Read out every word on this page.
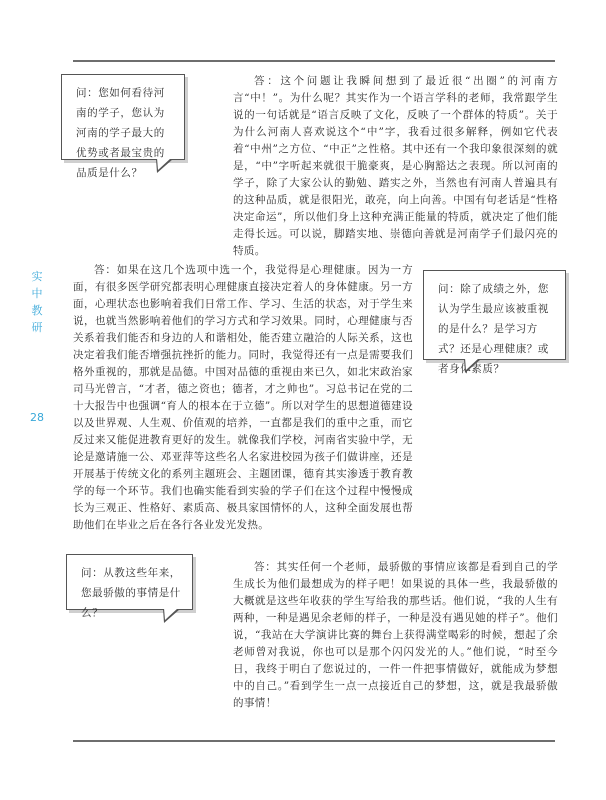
问：您如何看待河南的学子，您认为河南的学子最大的优势或者最宝贵的品质是什么？

答：这个问题让我瞬间想到了最近很“出圈”的河南方言“中！”。为什么呢？其实作为一个语言学科的老师，我常跟学生说的一句话就是“语言反映了文化，反映了一个群体的特质”。关于为什么河南人喜欢说这个“中”字，我看过很多解释，例如它代表着“中州”之方位、“中正”之性格。其中还有一个我印象很深刻的就是，“中”字听起来就很干脆豪爽，是心胸豁达之表现。所以河南的学子，除了大家公认的勤勉、踏实之外，当然也有河南人普遍具有的这种品质，就是很阳光，敢亮，向上向善。中国有句老话是“性格决定命运”，所以他们身上这种充满正能量的特质，就决定了他们能走得长远。可以说，脚踏实地、崇德向善就是河南学子们最闪亮的特质。

实
中
教
研
28

答：如果在这几个选项中选一个，我觉得是心理健康。因为一方面，有很多医学研究都表明心理健康直接决定着人的身体健康。另一方面，心理状态也影响着我们日常工作、学习、生活的状态，对于学生来说，也就当然影响着他们的学习方式和学习效果。同时，心理健康与否关系着我们能否和身边的人和谐相处，能否建立融洽的人际关系，这也决定着我们能否增强抗挫折的能力。同时，我觉得还有一点是需要我们格外重视的，那就是品德。中国对品德的重视由来已久，如北宋政治家司马光曾言，“才者，德之资也；德者，才之帅也”。习总书记在党的二十大报告中也强调“育人的根本在于立德”。所以对学生的思想道德建设以及世界观、人生观、价值观的培养，一直都是我们的重中之重，而它反过来又能促进教育更好的发生。就像我们学校，河南省实验中学，无论是邀请施一公、邓亚萍等这些名人名家进校园为孩子们做讲座，还是开展基于传统文化的系列主题班会、主题团课，德育其实渗透于教育教学的每一个环节。我们也确实能看到实验的学子们在这个过程中慢慢成长为三观正、性格好、素质高、极具家国情怀的人，这种全面发展也帮助他们在毕业之后在各行各业发光发热。

问：除了成绩之外，您认为学生最应该被重视的是什么？是学习方式？还是心理健康？或者身体素质？
问：从教这些年来，您最骄傲的事情是什么？

答：其实任何一个老师，最骄傲的事情应该都是看到自己的学生成长为他们最想成为的样子吧！如果说的具体一些，我最骄傲的大概就是这些年收获的学生写给我的那些话。他们说，“我的人生有两种，一种是遇见余老师的样子，一种是没有遇见她的样子”。他们说，“我站在大学演讲比赛的舞台上获得满堂喝彩的时候，想起了余老师曾对我说，你也可以是那个闪闪发光的人。”他们说，“时至今日，我终于明白了您说过的，一件一件把事情做好，就能成为梦想中的自己。”看到学生一点一点接近自己的梦想，这，就是我最骄傲的事情！
